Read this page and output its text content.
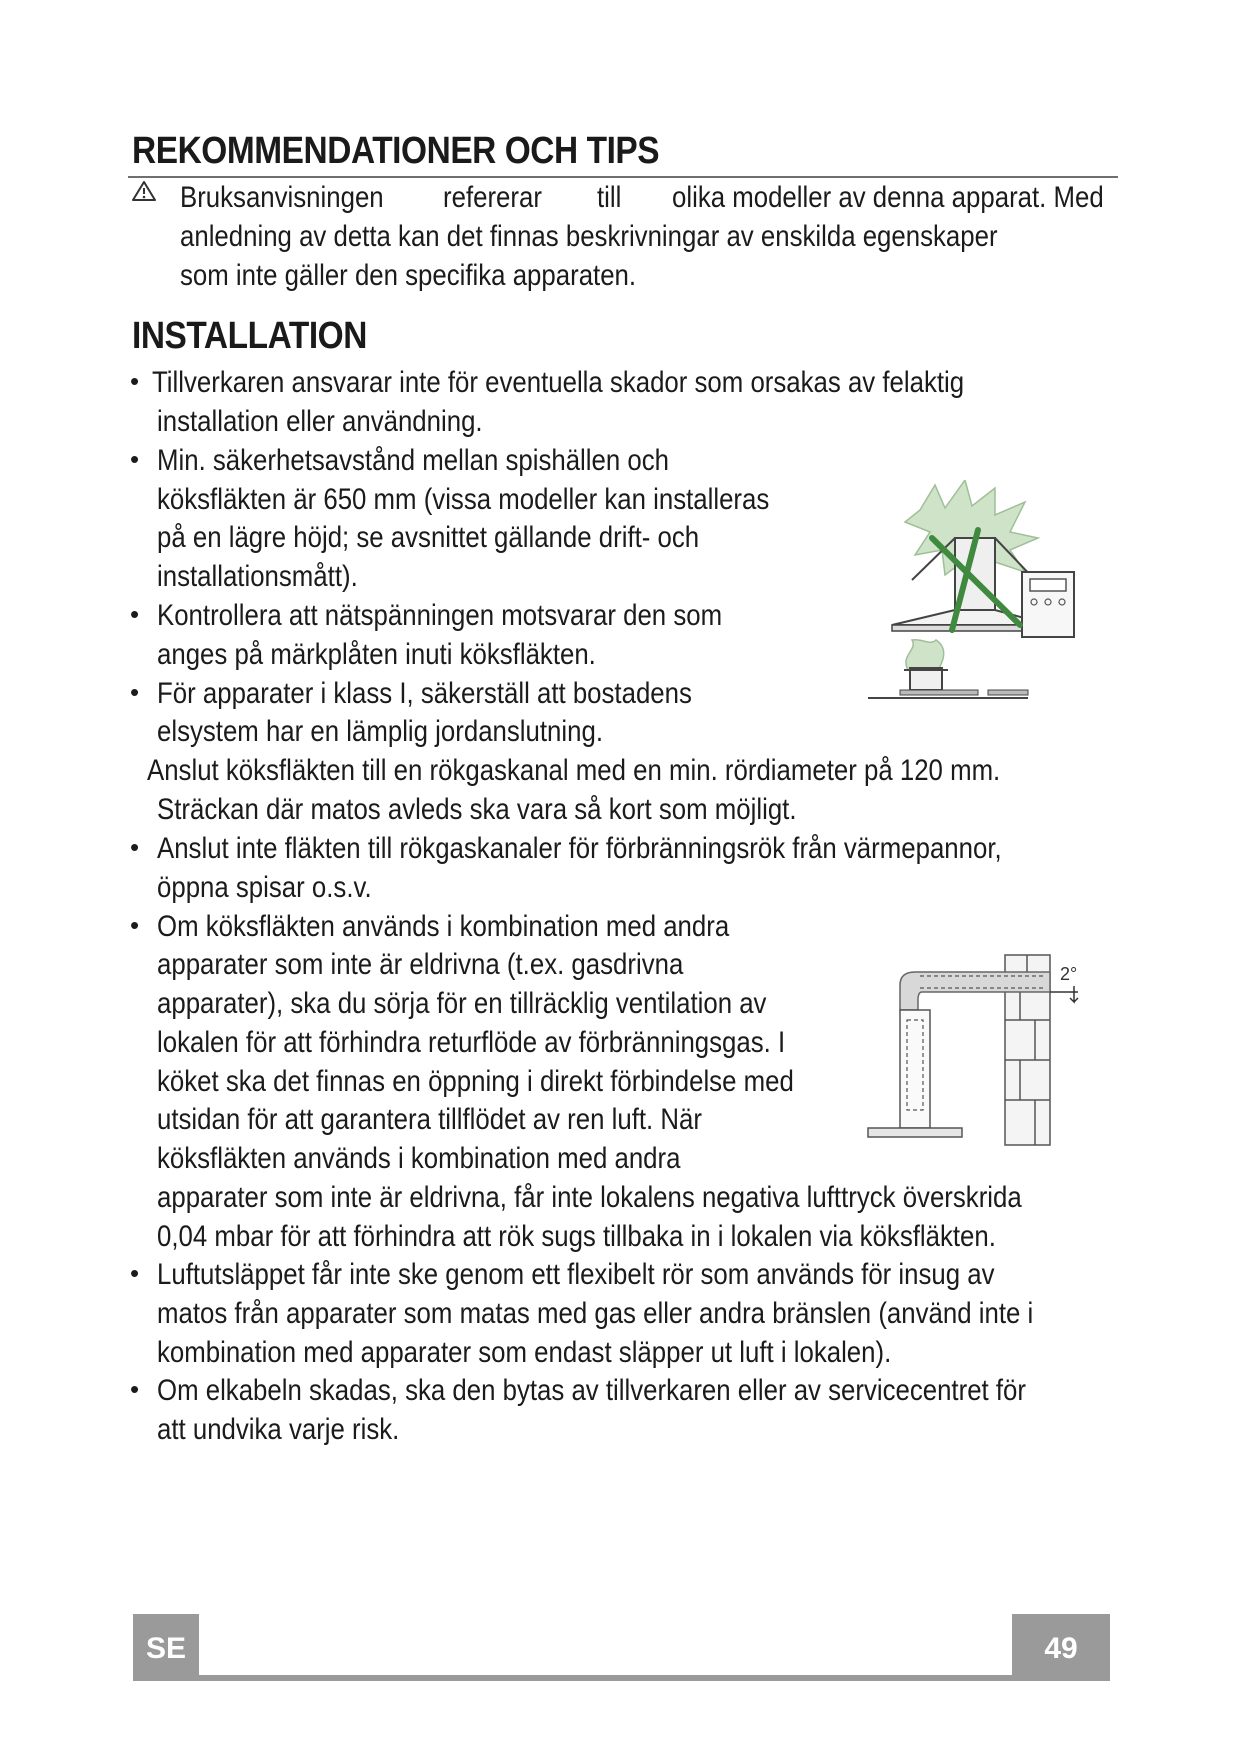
REKOMMENDATIONER OCH TIPS
Bruksanvisningen refererar till olika modeller av denna apparat. Med
anledning av detta kan det finnas beskrivningar av enskilda egenskaper
som inte gäller den specifika apparaten.
INSTALLATION
•
•
•
•
•
•
•
•
Tillverkaren ansvarar inte för eventuella skador som orsakas av felaktig
installation eller användning.
Min. säkerhetsavstånd mellan spishällen och
köksfläkten är 650 mm (vissa modeller kan installeras
på en lägre höjd; se avsnittet gällande drift- och
installationsmått).
Kontrollera att nätspänningen motsvarar den som
anges på märkplåten inuti köksfläkten.
För apparater i klass I, säkerställ att bostadens
elsystem har en lämplig jordanslutning.
Anslut köksfläkten till en rökgaskanal med en min. rördiameter på 120 mm.
Sträckan där matos avleds ska vara så kort som möjligt.
Anslut inte fläkten till rökgaskanaler för förbränningsrök från värmepannor,
öppna spisar o.s.v.
Om köksfläkten används i kombination med andra
apparater som inte är eldrivna (t.ex. gasdrivna
apparater), ska du sörja för en tillräcklig ventilation av
lokalen för att förhindra returflöde av förbränningsgas. I
köket ska det finnas en öppning i direkt förbindelse med
utsidan för att garantera tillflödet av ren luft. När
köksfläkten används i kombination med andra
apparater som inte är eldrivna, får inte lokalens negativa lufttryck överskrida
0,04 mbar för att förhindra att rök sugs tillbaka in i lokalen via köksfläkten.
Luftutsläppet får inte ske genom ett flexibelt rör som används för insug av
matos från apparater som matas med gas eller andra bränslen (använd inte i
kombination med apparater som endast släpper ut luft i lokalen).
Om elkabeln skadas, ska den bytas av tillverkaren eller av servicecentret för
att undvika varje risk.
2°
SE	49
